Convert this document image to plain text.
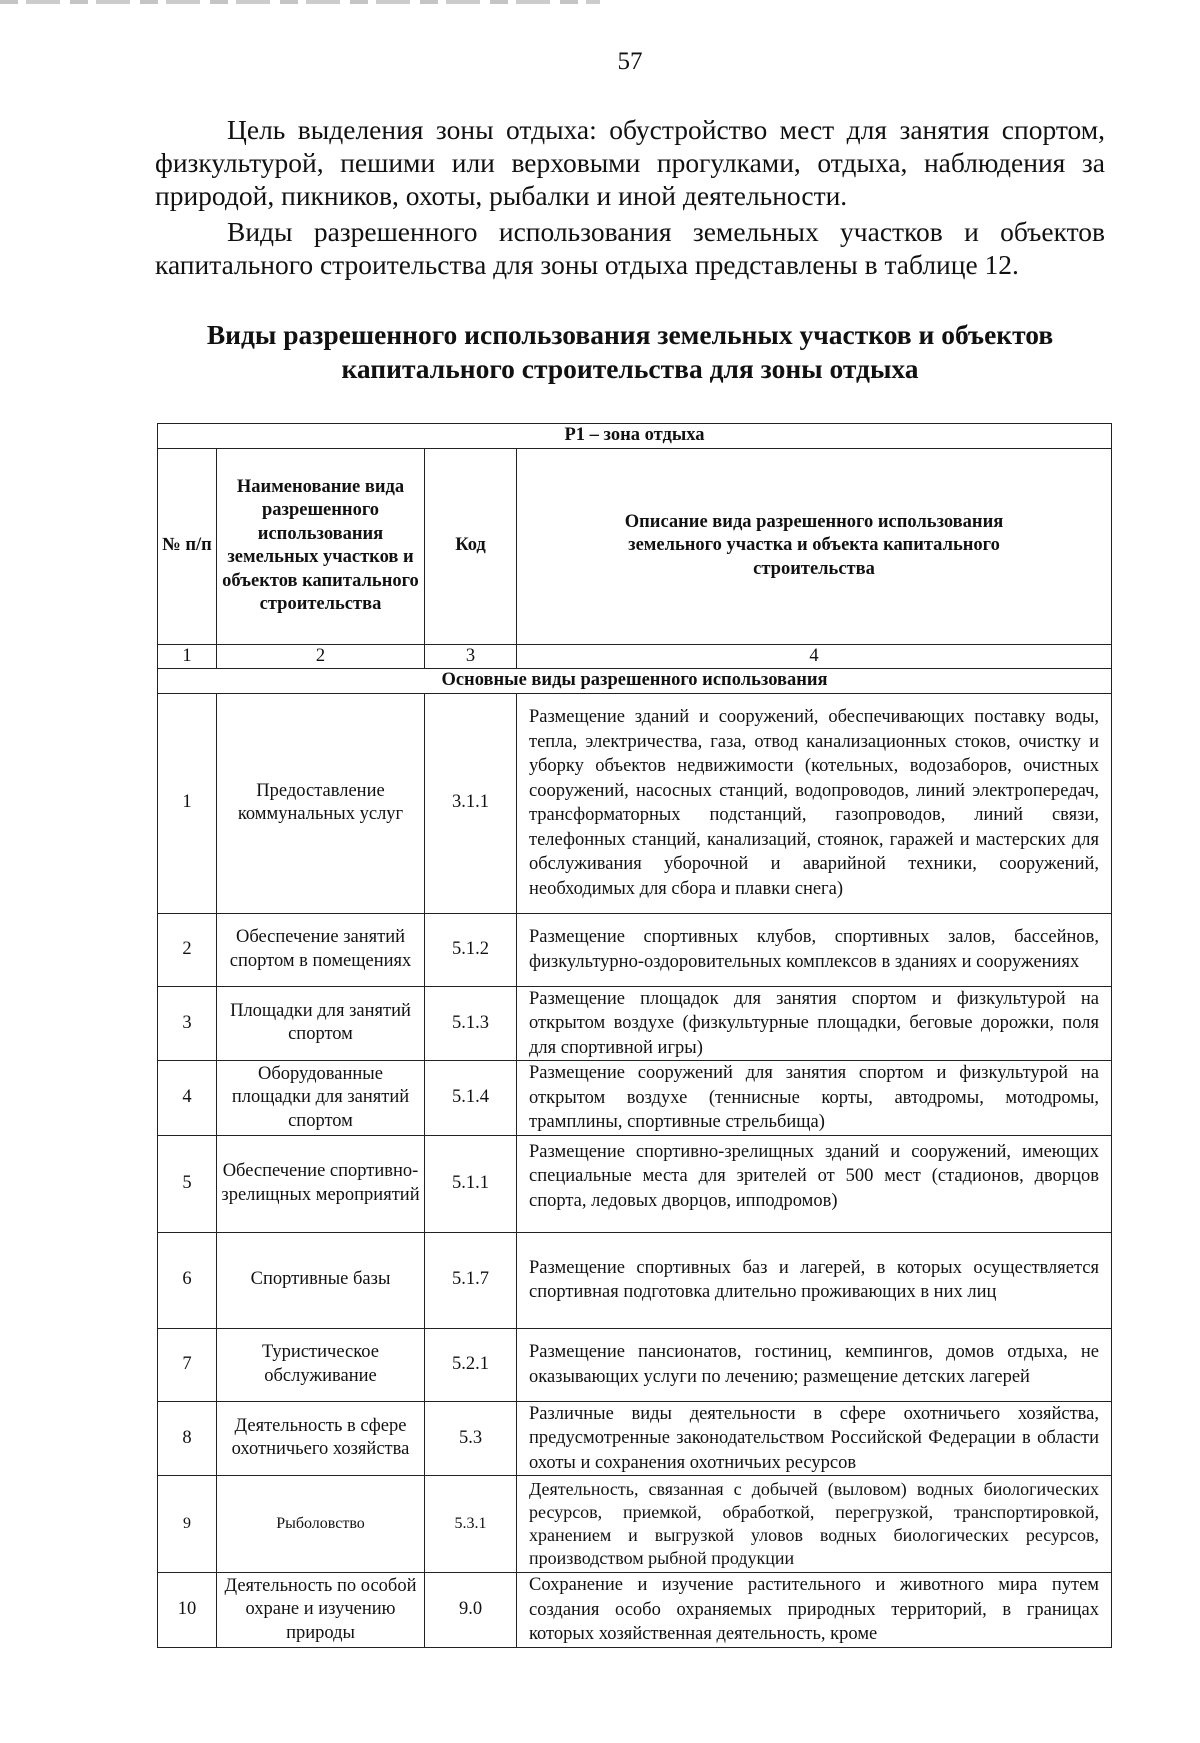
57

Цель выделения зоны отдыха: обустройство мест для занятия спортом, физкультурой, пешими или верховыми прогулками, отдыха, наблюдения за природой, пикников, охоты, рыбалки и иной деятельности.

Виды разрешенного использования земельных участков и объектов капитального строительства для зоны отдыха представлены в таблице 12.

Виды разрешенного использования земельных участков и объектов
капитального строительства для зоны отдыха
Р1 – зона отдыха			
№ п/п	Наименование вида разрешенного использования земельных участков и объектов капитального строительства	Код	Описание вида разрешенного использования земельного участка и объекта капитального строительства
1	2	3	4
Основные виды разрешенного использования			
1	Предоставление коммунальных услуг	3.1.1	Размещение зданий и сооружений, обеспечивающих поставку воды, тепла, электричества, газа, отвод канализационных стоков, очистку и уборку объектов недвижимости (котельных, водозаборов, очистных сооружений, насосных станций, водопроводов, линий электропередач, трансформаторных подстанций, газопроводов, линий связи, телефонных станций, канализаций, стоянок, гаражей и мастерских для обслуживания уборочной и аварийной техники, сооружений, необходимых для сбора и плавки снега)
2	Обеспечение занятий спортом в помещениях	5.1.2	Размещение спортивных клубов, спортивных залов, бассейнов, физкультурно-оздоровительных комплексов в зданиях и сооружениях
3	Площадки для занятий спортом	5.1.3	Размещение площадок для занятия спортом и физкультурой на открытом воздухе (физкультурные площадки, беговые дорожки, поля для спортивной игры)
4	Оборудованные площадки для занятий спортом	5.1.4	Размещение сооружений для занятия спортом и физкультурой на открытом воздухе (теннисные корты, автодромы, мотодромы, трамплины, спортивные стрельбища)
5	Обеспечение спортивно-зрелищных мероприятий	5.1.1	Размещение спортивно-зрелищных зданий и сооружений, имеющих специальные места для зрителей от 500 мест (стадионов, дворцов спорта, ледовых дворцов, ипподромов)
6	Спортивные базы	5.1.7	Размещение спортивных баз и лагерей, в которых осуществляется спортивная подготовка длительно проживающих в них лиц
7	Туристическое обслуживание	5.2.1	Размещение пансионатов, гостиниц, кемпингов, домов отдыха, не оказывающих услуги по лечению; размещение детских лагерей
8	Деятельность в сфере охотничьего хозяйства	5.3	Различные виды деятельности в сфере охотничьего хозяйства, предусмотренные законодательством Российской Федерации в области охоты и сохранения охотничьих ресурсов
9	Рыболовство	5.3.1	Деятельность, связанная с добычей (выловом) водных биологических ресурсов, приемкой, обработкой, перегрузкой, транспортировкой, хранением и выгрузкой уловов водных биологических ресурсов, производством рыбной продукции
10	Деятельность по особой охране и изучению природы	9.0	Сохранение и изучение растительного и животного мира путем создания особо охраняемых природных территорий, в границах которых хозяйственная деятельность, кроме
